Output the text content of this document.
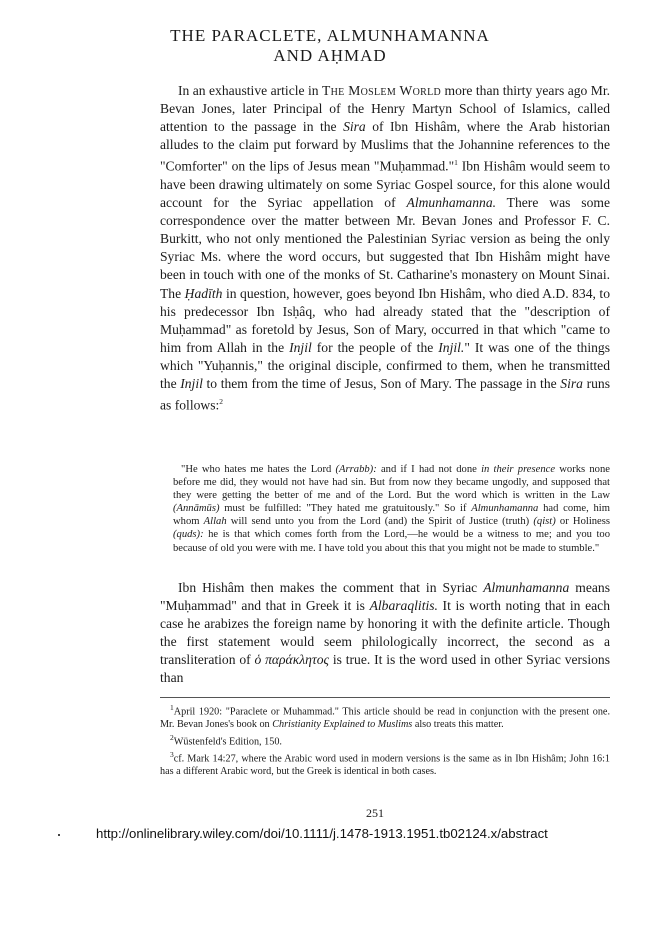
THE PARACLETE, ALMUNHAMANNA
AND AḤMAD

In an exhaustive article in The Moslem World more than thirty years ago Mr. Bevan Jones, later Principal of the Henry Martyn School of Islamics, called attention to the passage in the Sira of Ibn Hishâm, where the Arab historian alludes to the claim put forward by Muslims that the Johannine references to the "Comforter" on the lips of Jesus mean "Muḥammad."$^1$ Ibn Hishâm would seem to have been drawing ultimately on some Syriac Gospel source, for this alone would account for the Syriac appellation of Almunhamanna. There was some correspondence over the matter between Mr. Bevan Jones and Professor F. C. Burkitt, who not only mentioned the Palestinian Syriac version as being the only Syriac Ms. where the word occurs, but suggested that Ibn Hishâm might have been in touch with one of the monks of St. Catharine's monastery on Mount Sinai. The Ḥadīth in question, however, goes beyond Ibn Hishâm, who died A.D. 834, to his predecessor Ibn Isḥâq, who had already stated that the "description of Muḥammad" as foretold by Jesus, Son of Mary, occurred in that which "came to him from Allah in the Injil for the people of the Injil." It was one of the things which "Yuḥannis," the original disciple, confirmed to them, when he transmitted the Injil to them from the time of Jesus, Son of Mary. The passage in the Sira runs as follows:$^2$

"He who hates me hates the Lord (Arrabb): and if I had not done in their presence works none before me did, they would not have had sin. But from now they became ungodly, and supposed that they were getting the better of me and of the Lord. But the word which is written in the Law (Annāmūs) must be fulfilled: "They hated me gratuitously." So if Almunhamanna had come, him whom Allah will send unto you from the Lord (and) the Spirit of Justice (truth) (qist) or Holiness (quds): he is that which comes forth from the Lord,—he would be a witness to me; and you too because of old you were with me. I have told you about this that you might not be made to stumble."

Ibn Hishâm then makes the comment that in Syriac Almunhamanna means "Muḥammad" and that in Greek it is Albaraqlitis. It is worth noting that in each case he arabizes the foreign name by honoring it with the definite article. Though the first statement would seem philologically incorrect, the second as a transliteration of ὁ παράκλητος is true. It is the word used in other Syriac versions than

$^1$April 1920: "Paraclete or Muhammad." This article should be read in conjunction with the present one. Mr. Bevan Jones's book on Christianity Explained to Muslims also treats this matter.

$^2$Wüstenfeld's Edition, 150.

$^3$cf. Mark 14:27, where the Arabic word used in modern versions is the same as in Ibn Hishâm; John 16:1 has a different Arabic word, but the Greek is identical in both cases.

251
http://onlinelibrary.wiley.com/doi/10.1111/j.1478-1913.1951.tb02124.x/abstract
